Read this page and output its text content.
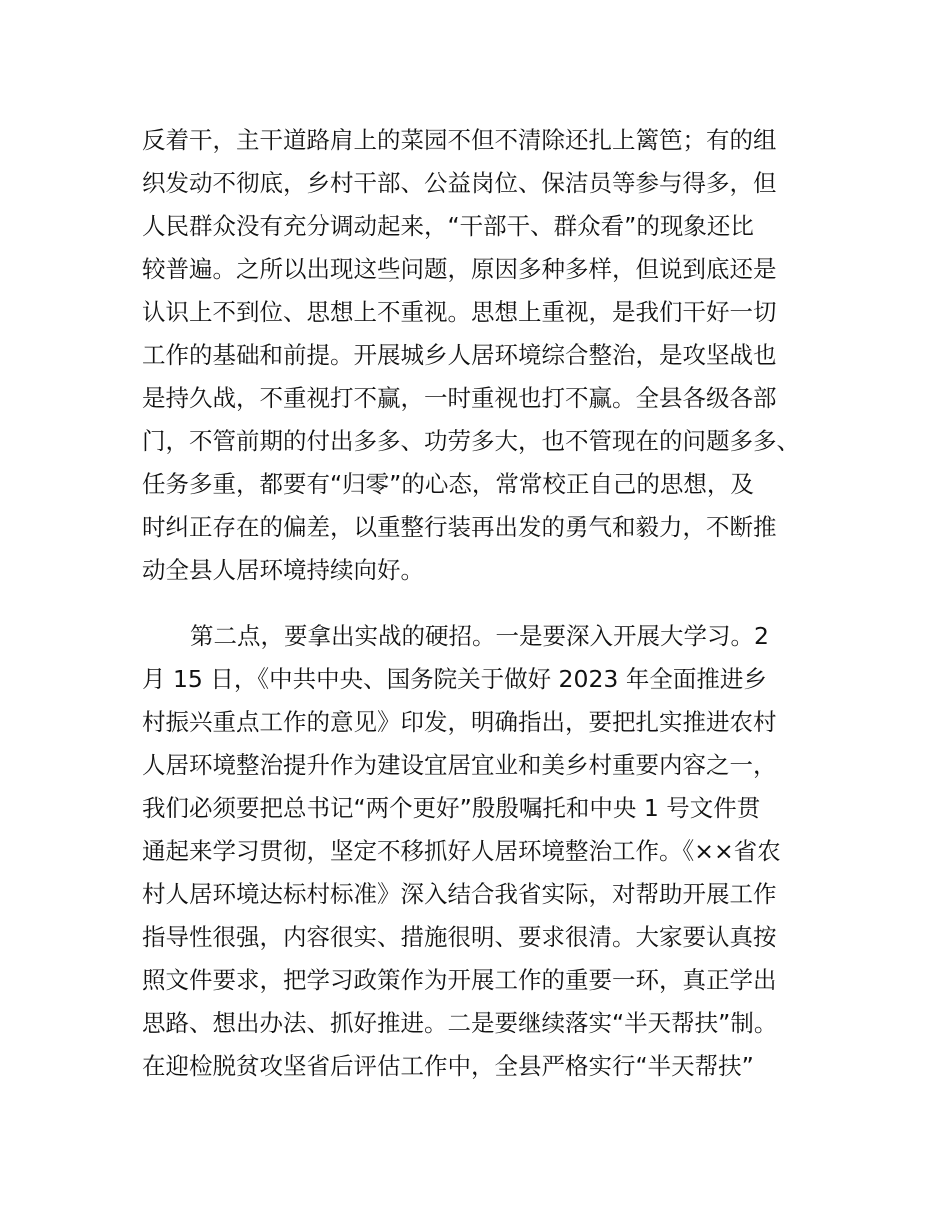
反着干，主干道路肩上的菜园不但不清除还扎上篱笆；有的组
织发动不彻底，乡村干部、公益岗位、保洁员等参与得多，但
人民群众没有充分调动起来，“干部干、群众看”的现象还比
较普遍。之所以出现这些问题，原因多种多样，但说到底还是
认识上不到位、思想上不重视。思想上重视，是我们干好一切
工作的基础和前提。开展城乡人居环境综合整治，是攻坚战也
是持久战，不重视打不赢，一时重视也打不赢。全县各级各部
门，不管前期的付出多多、功劳多大，也不管现在的问题多多、
任务多重，都要有“归零”的心态，常常校正自己的思想，及
时纠正存在的偏差，以重整行装再出发的勇气和毅力，不断推
动全县人居环境持续向好。
第二点，要拿出实战的硬招。一是要深入开展大学习。2
月 15 日，《中共中央、国务院关于做好 2023 年全面推进乡
村振兴重点工作的意见》印发，明确指出，要把扎实推进农村
人居环境整治提升作为建设宜居宜业和美乡村重要内容之一，
我们必须要把总书记“两个更好”殷殷嘱托和中央 1 号文件贯
通起来学习贯彻，坚定不移抓好人居环境整治工作。《××省农
村人居环境达标村标准》深入结合我省实际，对帮助开展工作
指导性很强，内容很实、措施很明、要求很清。大家要认真按
照文件要求，把学习政策作为开展工作的重要一环，真正学出
思路、想出办法、抓好推进。二是要继续落实“半天帮扶”制。
在迎检脱贫攻坚省后评估工作中，全县严格实行“半天帮扶”
